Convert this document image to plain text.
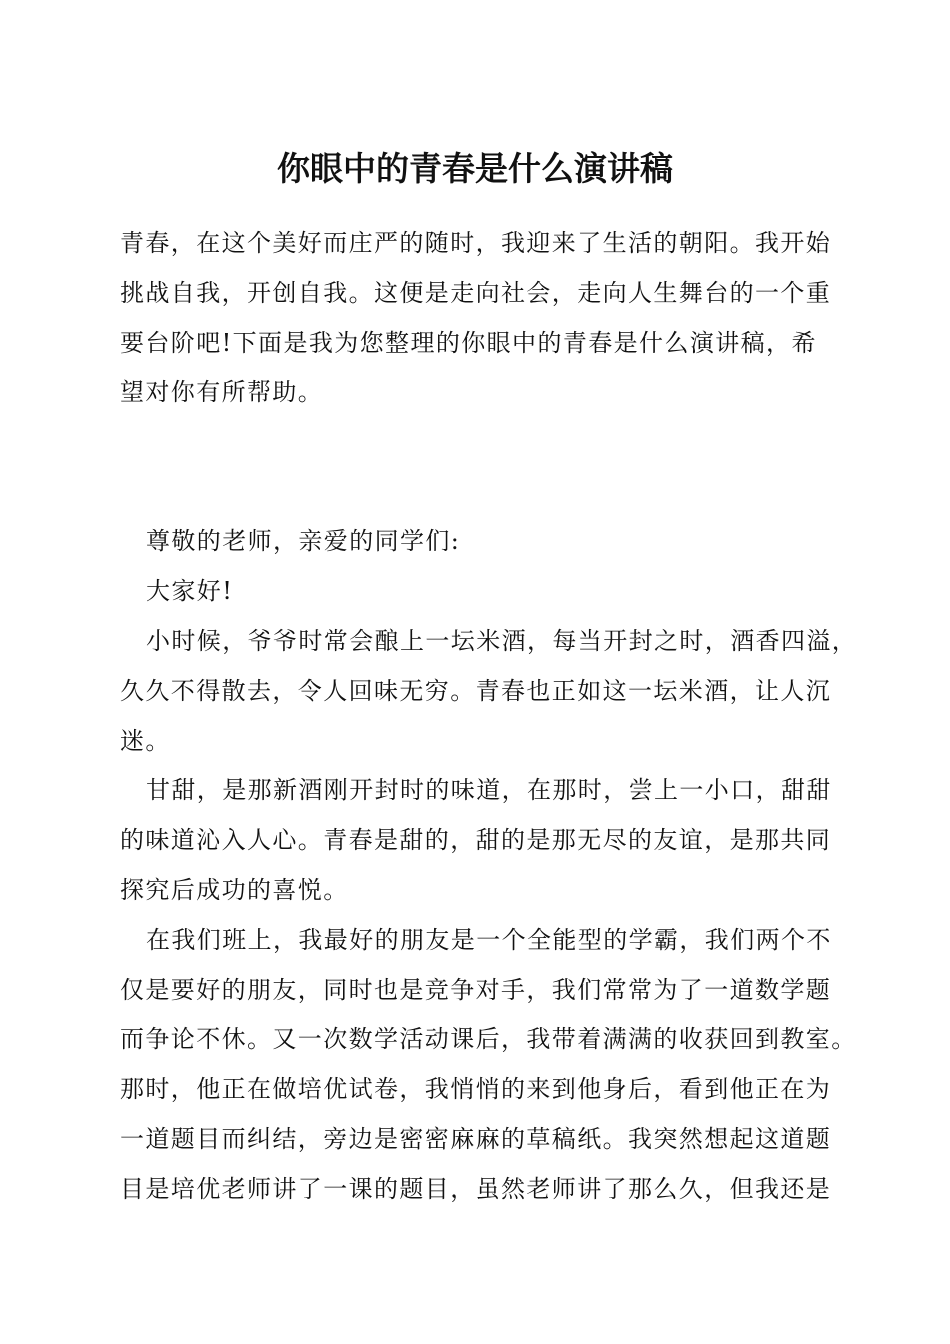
你眼中的青春是什么演讲稿
青春，在这个美好而庄严的随时，我迎来了生活的朝阳。我开始
挑战自我，开创自我。这便是走向社会，走向人生舞台的一个重
要台阶吧!下面是我为您整理的你眼中的青春是什么演讲稿，希
望对你有所帮助。
尊敬的老师，亲爱的同学们:
大家好!
小时候，爷爷时常会酿上一坛米酒，每当开封之时，酒香四溢，
久久不得散去，令人回味无穷。青春也正如这一坛米酒，让人沉
迷。
甘甜，是那新酒刚开封时的味道，在那时，尝上一小口，甜甜
的味道沁入人心。青春是甜的，甜的是那无尽的友谊，是那共同
探究后成功的喜悦。
在我们班上，我最好的朋友是一个全能型的学霸，我们两个不
仅是要好的朋友，同时也是竞争对手，我们常常为了一道数学题
而争论不休。又一次数学活动课后，我带着满满的收获回到教室。
那时，他正在做培优试卷，我悄悄的来到他身后，看到他正在为
一道题目而纠结，旁边是密密麻麻的草稿纸。我突然想起这道题
目是培优老师讲了一课的题目，虽然老师讲了那么久，但我还是
